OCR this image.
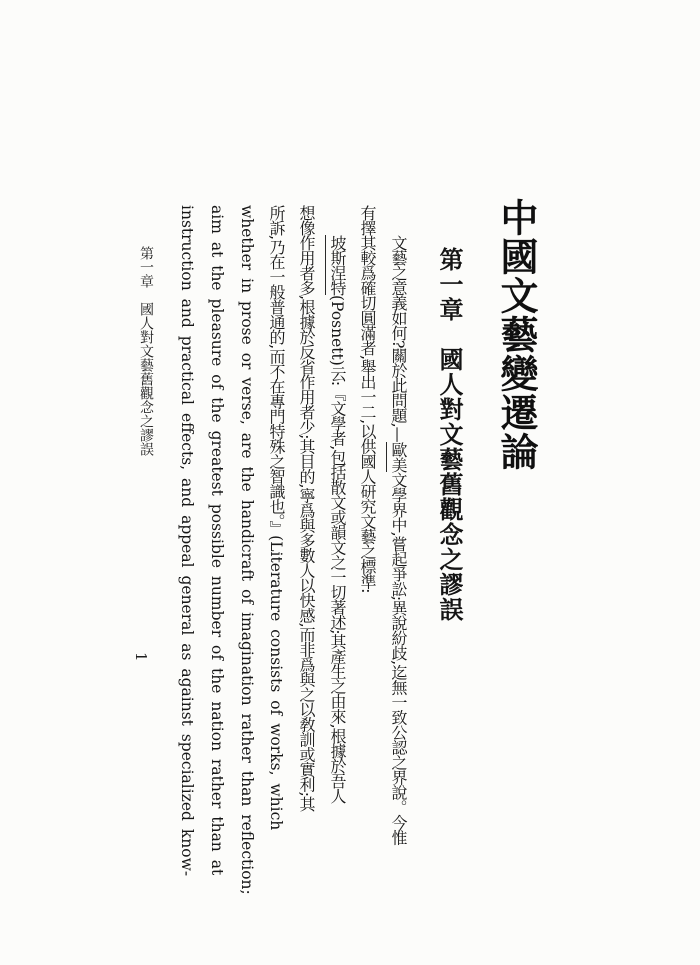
中國文藝變遷論
第一章　國人對文藝舊觀念之謬誤
文藝之意義如何?關於此問題,—歐美文學界中,嘗起爭訟;異說紛歧,迄無一致公認之界說。今惟
有擇其較爲確切圓滿者,舉出一二,以供國人研究文藝之標準:
坡斯涅特(Posnett)云:『文學者,包括散文或韻文之一切著述;其產生之由來,根據於吾人
想像作用者多,根據於反省作用者少;其目的,寧爲與多數人以快感,而非爲與之以敎訓或實利;其
所訴,乃在一般普通的,而不在專門特殊之智識也。』(Literature consists of works, which
whether in prose or verse, are the handicraft of imagination rather than reflection;
aim at the pleasure of the greatest possible number of the nation rather than at
instruction and practical effects, and appeal general as against specialized know-
第一章　國人對文藝舊觀念之謬誤
1
